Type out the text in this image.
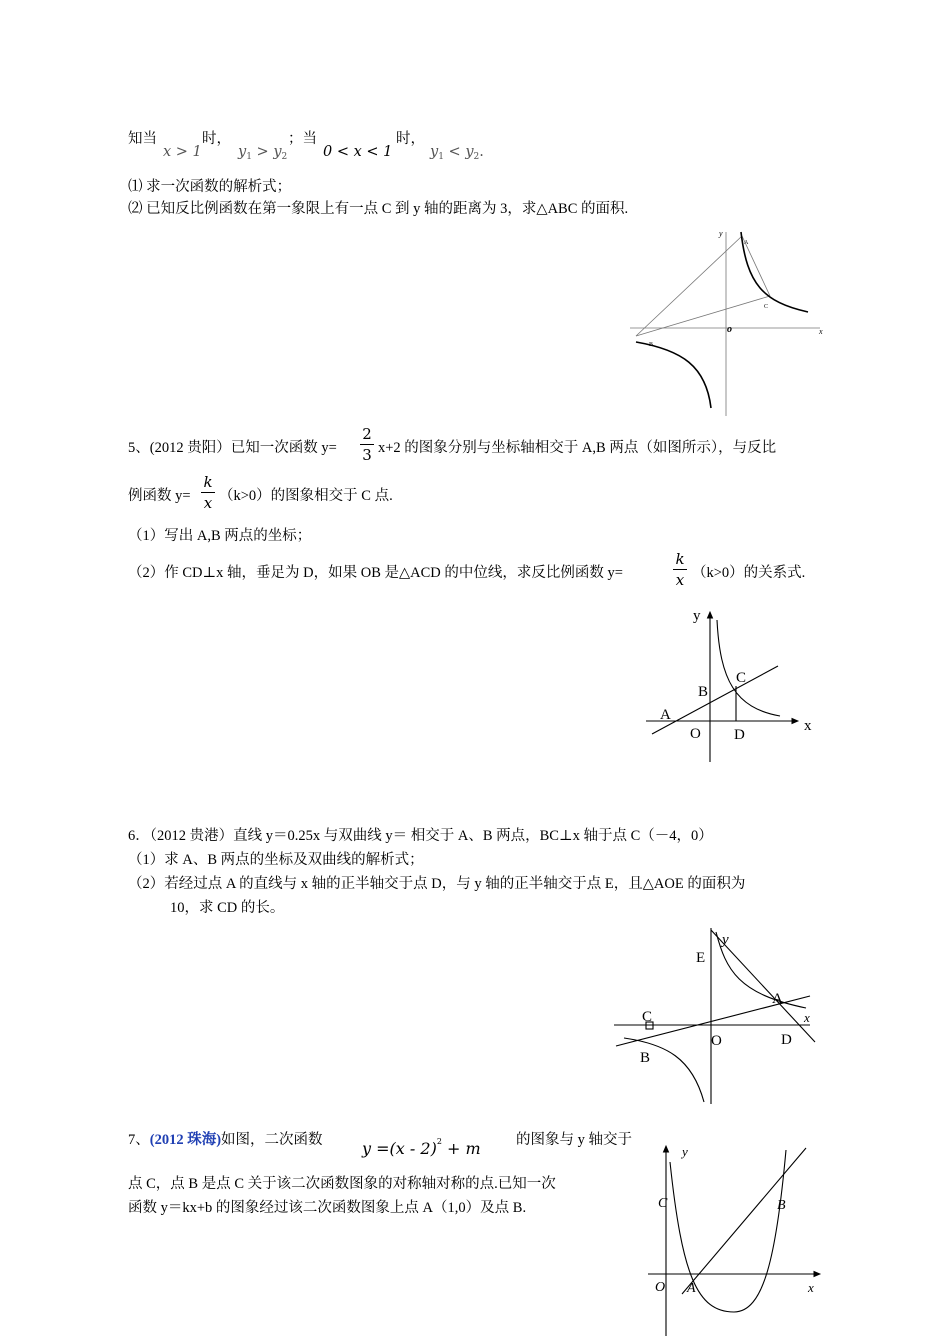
知当
x > 1
时，
$y_1 > y_2$
；当
0 < x < 1
时，
$y_1 < y_2$.
⑴ 求一次函数的解析式；
⑵ 已知反比例函数在第一象限上有一点 C 到 y 轴的距离为 3，求△ABC 的面积.
y
x
o
A
B
C
5、(2012 贵阳）已知一次函数 y=
2
3 x+2 的图象分别与坐标轴相交于 A,B 两点（如图所示），与反比
例函数 y=
k
x （k>0）的图象相交于 C 点.
（1）写出 A,B 两点的坐标；
（2）作 CD⊥x 轴，垂足为 D，如果 OB 是△ACD 的中位线，求反比例函数 y=
k
x （k>0）的关系式.
y
x
O
A
B
C
D
6．（2012 贵港）直线 y＝0.25x 与双曲线 y＝ 相交于 A、B 两点，BC⊥x 轴于点 C（－4，0）
（1）求 A、B 两点的坐标及双曲线的解析式；
（2）若经过点 A 的直线与 x 轴的正半轴交于点 D，与 y 轴的正半轴交于点 E，且△AOE 的面积为
10，求 CD 的长。
y
x
O
A
B
C
D
E
7、(2012 珠海)如图，二次函数 y =(x - 2)$^2$ + m 的图象与 y 轴交于
点 C，点 B 是点 C 关于该二次函数图象的对称轴对称的点.已知一次
函数 y＝kx+b 的图象经过该二次函数图象上点 A（1,0）及点 B.
y
x
O A
B
C
